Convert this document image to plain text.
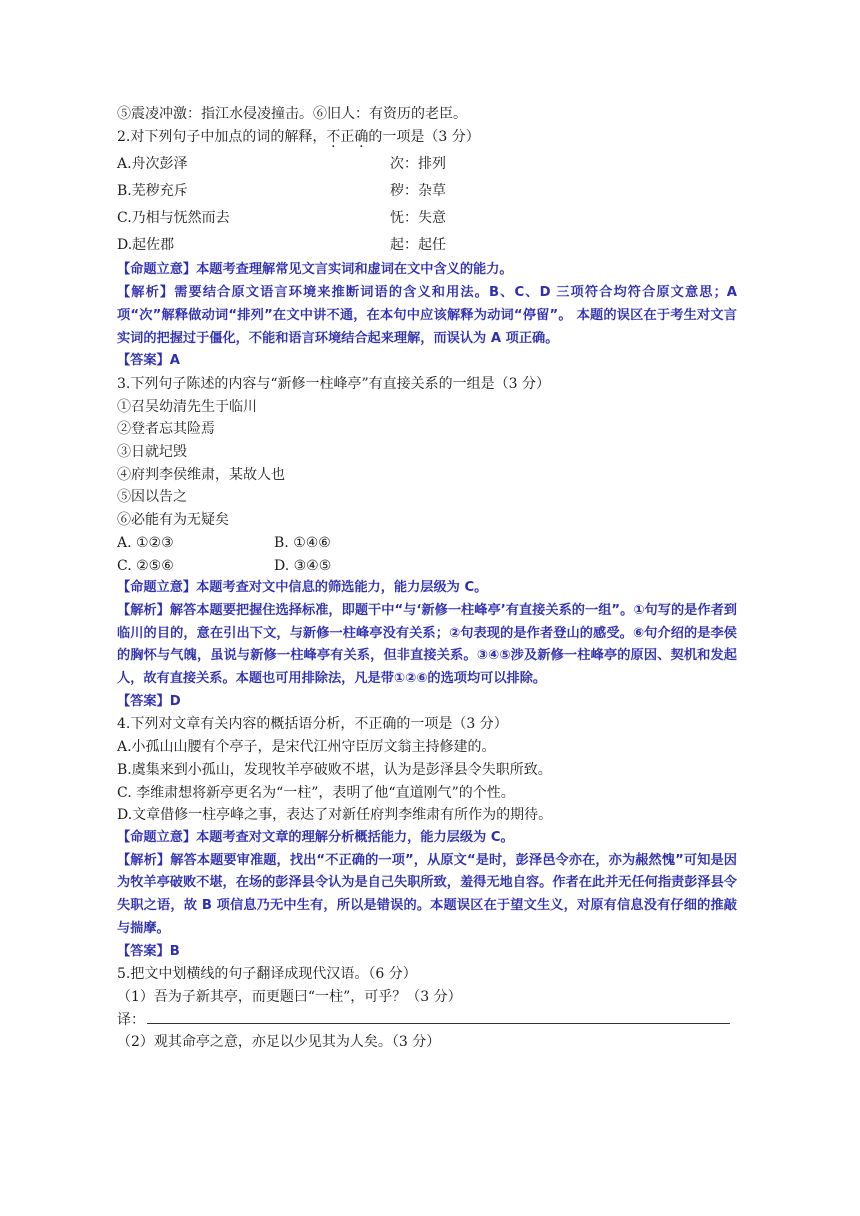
⑤震凌冲激：指江水侵凌撞击。⑥旧人：有资历的老臣。
2.对下列句子中加点的词的解释，不正确的一项是（3 分）
A.舟次彭泽	次：排列
B.芜秽充斥	秽：杂草
C.乃相与怃然而去	怃：失意
D.起佐郡	起：起任
【命题立意】本题考查理解常见文言实词和虚词在文中含义的能力。
【解析】需要结合原文语言环境来推断词语的含义和用法。B、C、D 三项符合均符合原文意思；A 项“次”解释做动词“排列”在文中讲不通，在本句中应该解释为动词“停留”。 本题的误区在于考生对文言实词的把握过于僵化，不能和语言环境结合起来理解，而误认为 A 项正确。
【答案】A
3.下列句子陈述的内容与“新修一柱峰亭”有直接关系的一组是（3 分）
①召吴幼清先生于临川
②登者忘其险焉
③日就圮毁
④府判李侯维肃，某故人也
⑤因以告之
⑥必能有为无疑矣
A. ①②③	B. ①④⑥
C. ②⑤⑥	D. ③④⑤
【命题立意】本题考查对文中信息的筛选能力，能力层级为 C。
【解析】解答本题要把握住选择标准，即题干中“与‘新修一柱峰亭’有直接关系的一组”。①句写的是作者到临川的目的，意在引出下文，与新修一柱峰亭没有关系；②句表现的是作者登山的感受。⑥句介绍的是李侯的胸怀与气魄，虽说与新修一柱峰亭有关系，但非直接关系。③④⑤涉及新修一柱峰亭的原因、契机和发起人，故有直接关系。本题也可用排除法，凡是带①②⑥的选项均可以排除。
【答案】D
4.下列对文章有关内容的概括语分析，不正确的一项是（3 分）
A.小孤山山腰有个亭子，是宋代江州守臣厉文翁主持修建的。
B.虞集来到小孤山，发现牧羊亭破败不堪，认为是彭泽县令失职所致。
C. 李维肃想将新亭更名为“一柱”，表明了他“直道刚气”的个性。
D.文章借修一柱亭峰之事，表达了对新任府判李维肃有所作为的期待。
【命题立意】本题考查对文章的理解分析概括能力，能力层级为 C。
【解析】解答本题要审准题，找出“不正确的一项”，从原文“是时，彭泽邑令亦在，亦为赧然愧”可知是因为牧羊亭破败不堪，在场的彭泽县令认为是自己失职所致，羞得无地自容。作者在此并无任何指责彭泽县令失职之语，故 B 项信息乃无中生有，所以是错误的。本题误区在于望文生义，对原有信息没有仔细的推敲与揣摩。
【答案】B
5.把文中划横线的句子翻译成现代汉语。（6 分）
（1）吾为子新其亭，而更题曰“一柱”，可乎？（3 分）
译：
（2）观其命亭之意，亦足以少见其为人矣。（3 分）
